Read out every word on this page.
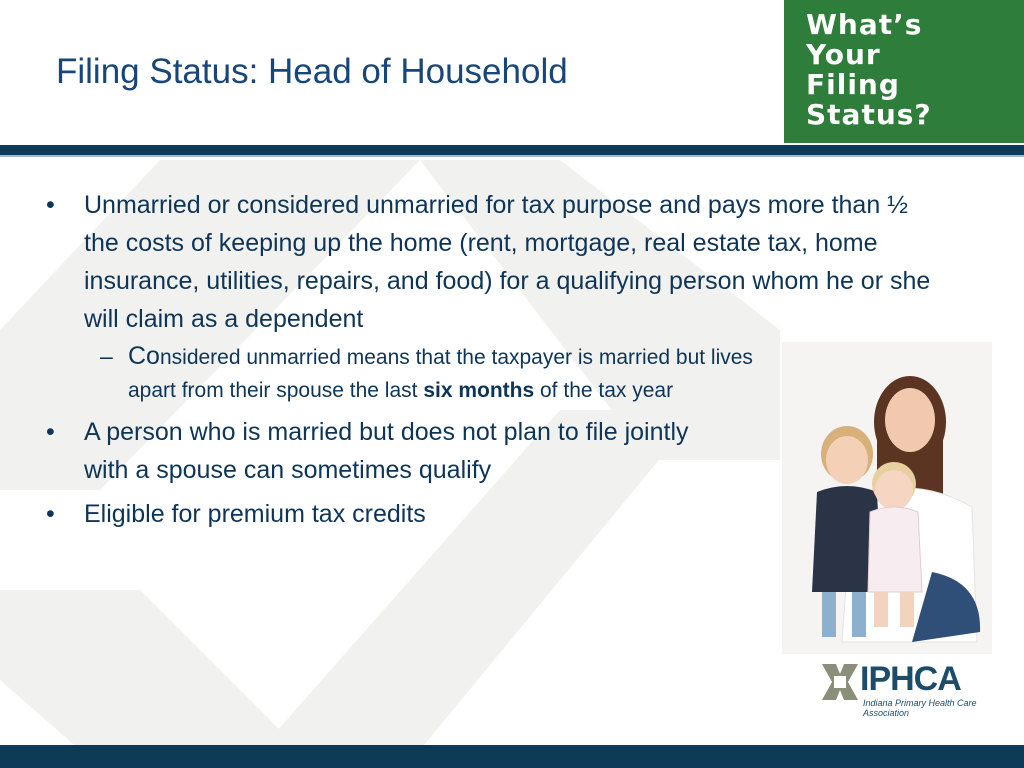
Filing Status: Head of Household
What’s
Your
Filing
Status?
• Unmarried or considered unmarried for tax purpose and pays more than ½ the costs of keeping up the home (rent, mortgage, real estate tax, home insurance, utilities, repairs, and food) for a qualifying person whom he or she will claim as a dependent
– Considered unmarried means that the taxpayer is married but lives apart from their spouse the last six months of the tax year
• A person who is married but does not plan to file jointly with a spouse can sometimes qualify
• Eligible for premium tax credits
IPHCA
Indiana Primary Health Care Association
